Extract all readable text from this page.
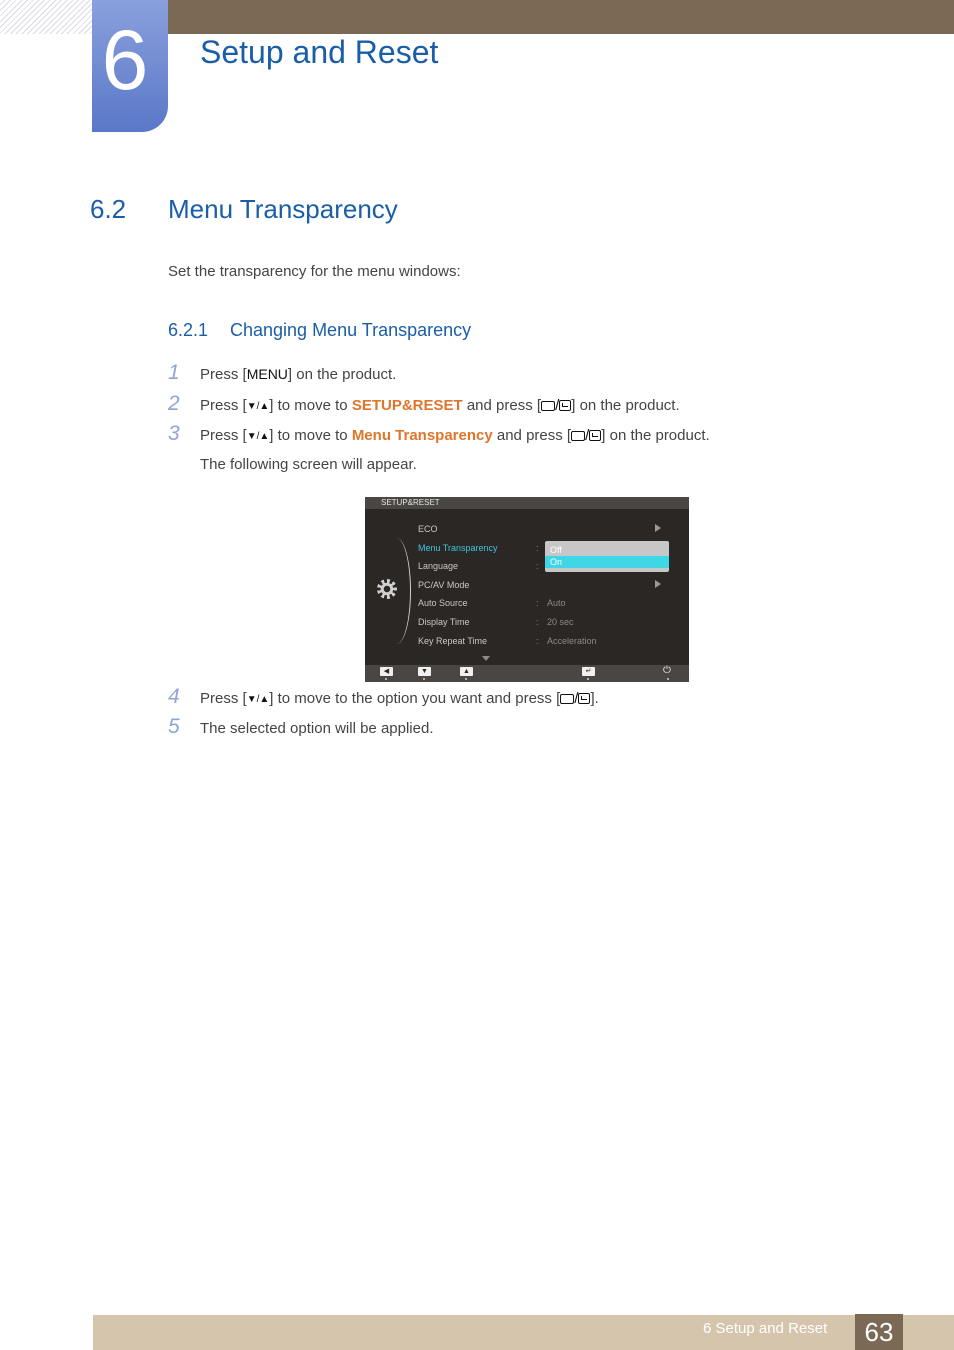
6	Setup and Reset
6.2 Menu Transparency
Set the transparency for the menu windows:
6.2.1 Changing Menu Transparency
1 Press [MENU] on the product.
2 Press [▼/▲] to move to SETUP&RESET and press [ / ] on the product.
3 Press [▼/▲] to move to Menu Transparency and press [ / ] on the product.
The following screen will appear.
SETUP&RESET
ECO
Menu Transparency	:
Language	:
PC/AV Mode
Auto Source	: Auto
Display Time	: 20 sec
Key Repeat Time	: Acceleration
Off
On
◀	▼	▲	↵	⏻
4 Press [▼/▲] to move to the option you want and press [ / ].
5 The selected option will be applied.
6 Setup and Reset	63
